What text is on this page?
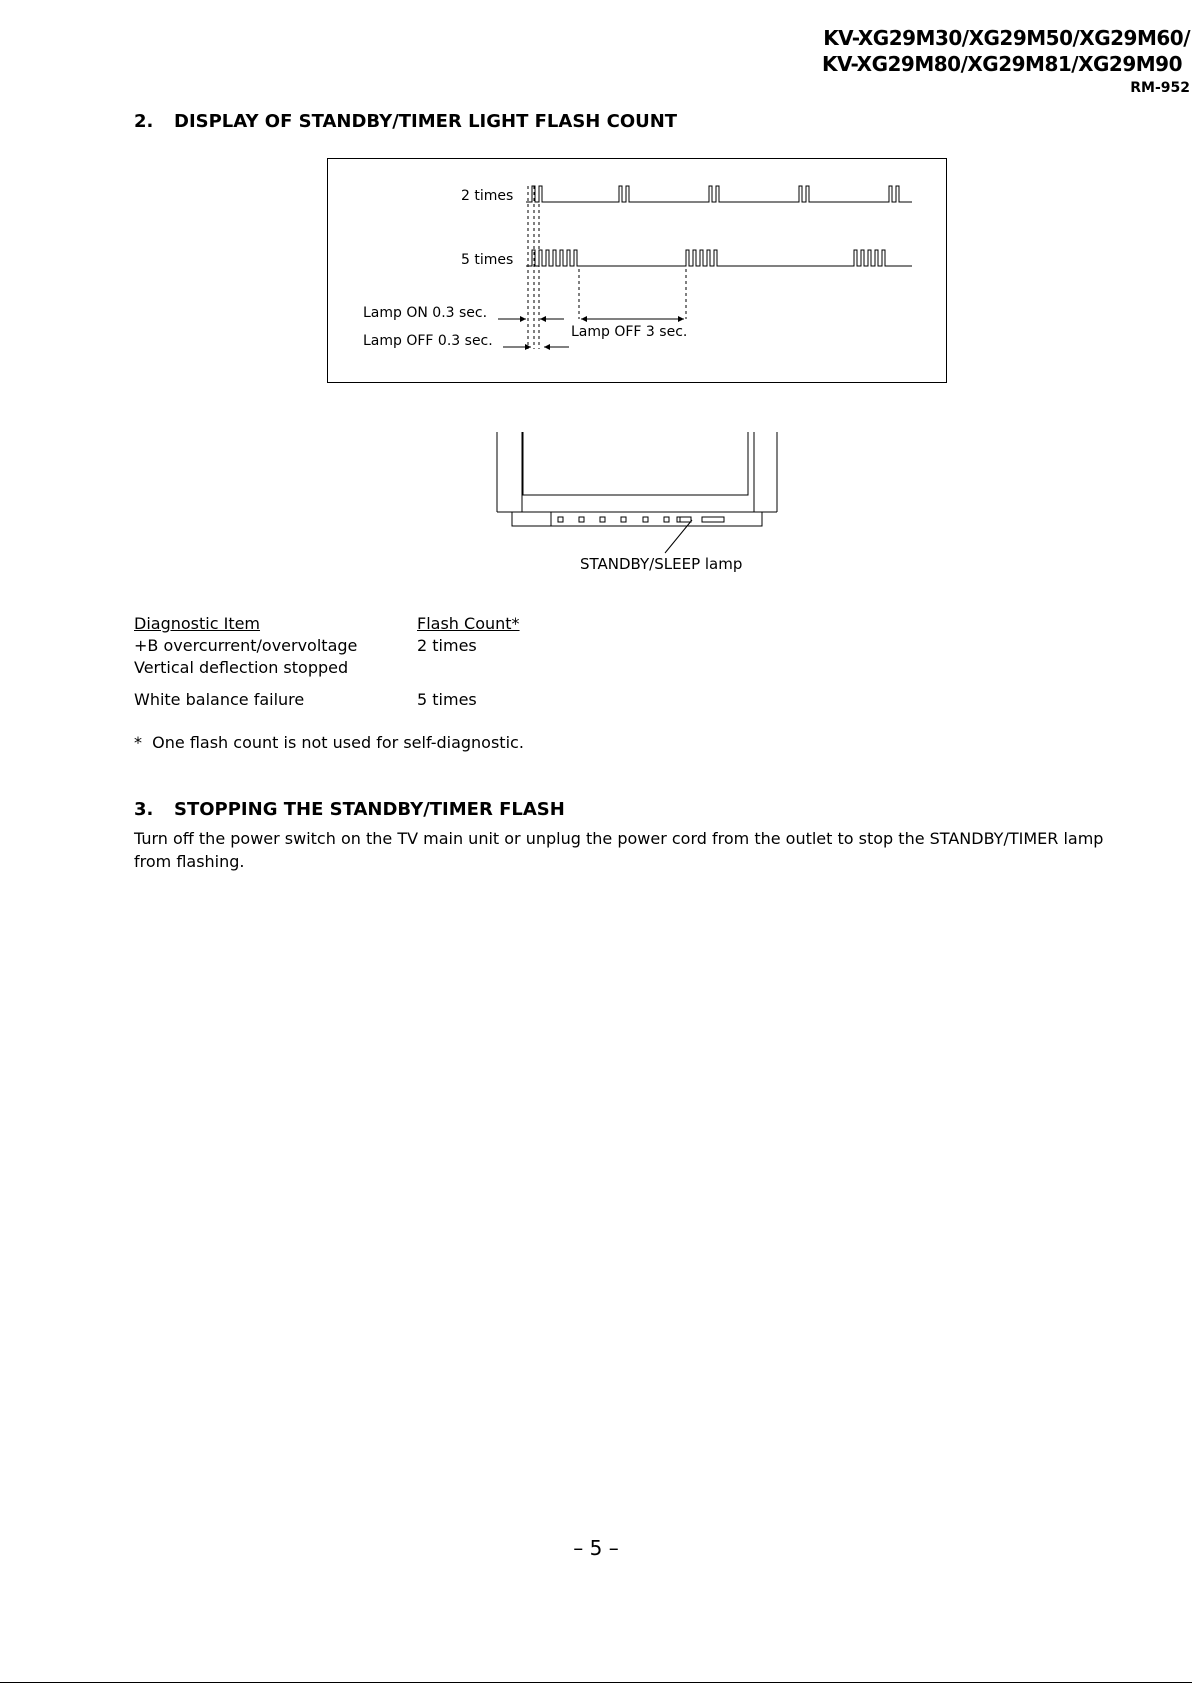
KV-XG29M30/XG29M50/XG29M60/
KV-XG29M80/XG29M81/XG29M90
RM-952
2. DISPLAY OF STANDBY/TIMER LIGHT FLASH COUNT
2 times
5 times
Lamp ON 0.3 sec.
Lamp OFF 0.3 sec.
Lamp OFF 3 sec.
STANDBY/SLEEP lamp
Diagnostic Item	Flash Count*
+B overcurrent/overvoltage	2 times
Vertical deflection stopped
White balance failure	5 times
* One flash count is not used for self-diagnostic.
3. STOPPING THE STANDBY/TIMER FLASH
Turn off the power switch on the TV main unit or unplug the power cord from the outlet to stop the STANDBY/TIMER lamp from flashing.
– 5 –
